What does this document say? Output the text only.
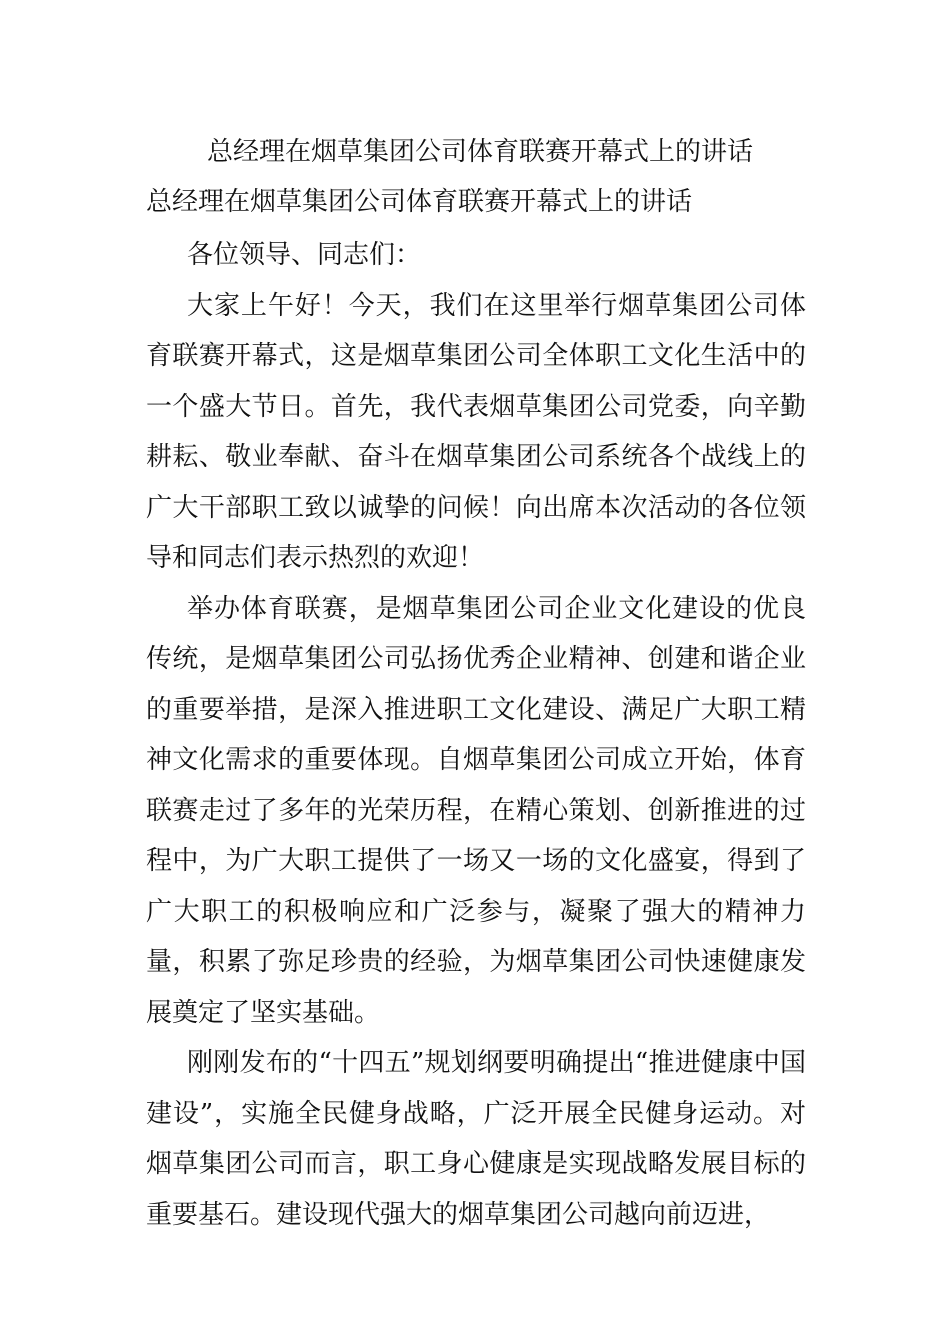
总经理在烟草集团公司体育联赛开幕式上的讲话
总经理在烟草集团公司体育联赛开幕式上的讲话

各位领导、同志们：

大家上午好！今天，我们在这里举行烟草集团公司体育联赛开幕式，这是烟草集团公司全体职工文化生活中的一个盛大节日。首先，我代表烟草集团公司党委，向辛勤耕耘、敬业奉献、奋斗在烟草集团公司系统各个战线上的广大干部职工致以诚挚的问候！向出席本次活动的各位领导和同志们表示热烈的欢迎！

举办体育联赛，是烟草集团公司企业文化建设的优良传统，是烟草集团公司弘扬优秀企业精神、创建和谐企业的重要举措，是深入推进职工文化建设、满足广大职工精神文化需求的重要体现。自烟草集团公司成立开始，体育联赛走过了多年的光荣历程，在精心策划、创新推进的过程中，为广大职工提供了一场又一场的文化盛宴，得到了广大职工的积极响应和广泛参与，凝聚了强大的精神力量，积累了弥足珍贵的经验，为烟草集团公司快速健康发展奠定了坚实基础。

刚刚发布的“十四五”规划纲要明确提出“推进健康中国建设”，实施全民健身战略，广泛开展全民健身运动。对烟草集团公司而言，职工身心健康是实现战略发展目标的重要基石。建设现代强大的烟草集团公司越向前迈进，
